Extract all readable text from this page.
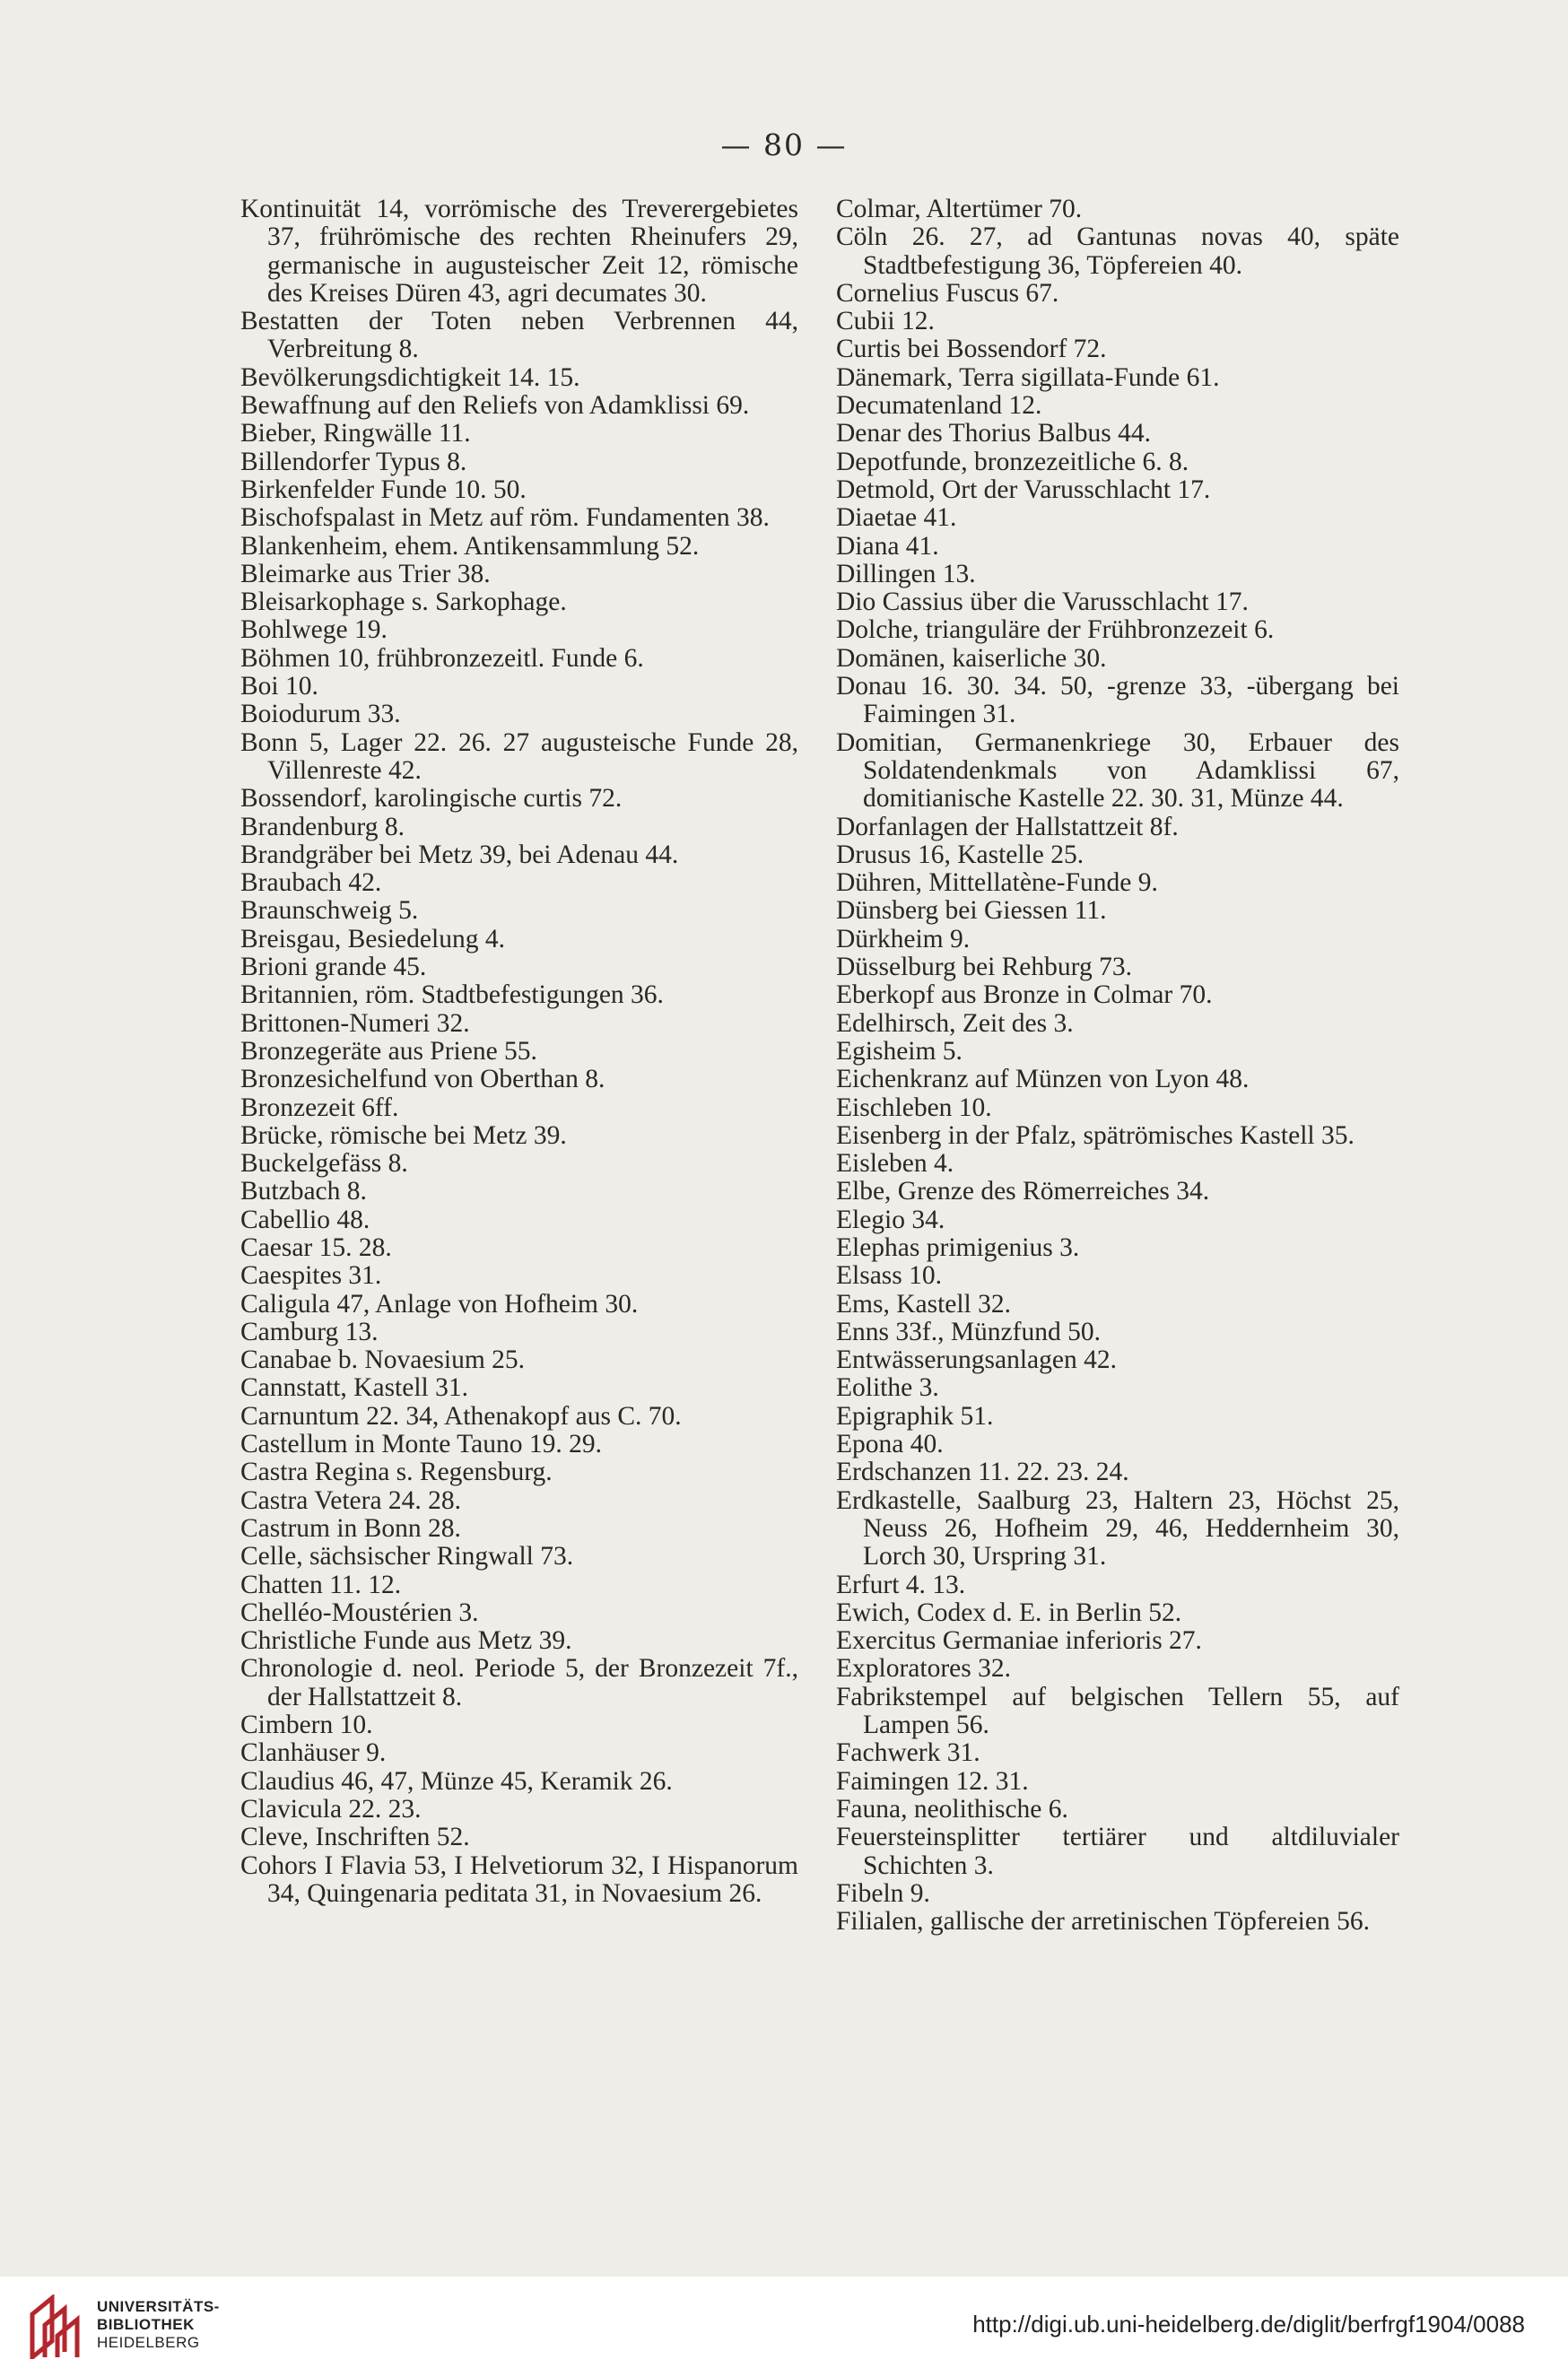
— 80 —
Kontinuität 14, vorrömische des Treverergebietes 37, frührömische des rechten Rheinufers 29, germanische in augusteischer Zeit 12, römische des Kreises Düren 43, agri decumates 30.
Bestatten der Toten neben Verbrennen 44, Verbreitung 8.
Bevölkerungsdichtigkeit 14. 15.
Bewaffnung auf den Reliefs von Adamklissi 69.
Bieber, Ringwälle 11.
Billendorfer Typus 8.
Birkenfelder Funde 10. 50.
Bischofspalast in Metz auf röm. Fundamenten 38.
Blankenheim, ehem. Antikensammlung 52.
Bleimarke aus Trier 38.
Bleisarkophage s. Sarkophage.
Bohlwege 19.
Böhmen 10, frühbronzezeitl. Funde 6.
Boi 10.
Boiodurum 33.
Bonn 5, Lager 22. 26. 27 augusteische Funde 28, Villenreste 42.
Bossendorf, karolingische curtis 72.
Brandenburg 8.
Brandgräber bei Metz 39, bei Adenau 44.
Braubach 42.
Braunschweig 5.
Breisgau, Besiedelung 4.
Brioni grande 45.
Britannien, röm. Stadtbefestigungen 36.
Brittonen-Numeri 32.
Bronzegeräte aus Priene 55.
Bronzesichelfund von Oberthan 8.
Bronzezeit 6ff.
Brücke, römische bei Metz 39.
Buckelgefäss 8.
Butzbach 8.
Cabellio 48.
Caesar 15. 28.
Caespites 31.
Caligula 47, Anlage von Hofheim 30.
Camburg 13.
Canabae b. Novaesium 25.
Cannstatt, Kastell 31.
Carnuntum 22. 34, Athenakopf aus C. 70.
Castellum in Monte Tauno 19. 29.
Castra Regina s. Regensburg.
Castra Vetera 24. 28.
Castrum in Bonn 28.
Celle, sächsischer Ringwall 73.
Chatten 11. 12.
Chelléo-Moustérien 3.
Christliche Funde aus Metz 39.
Chronologie d. neol. Periode 5, der Bronzezeit 7f., der Hallstattzeit 8.
Cimbern 10.
Clanhäuser 9.
Claudius 46, 47, Münze 45, Keramik 26.
Clavicula 22. 23.
Cleve, Inschriften 52.
Cohors I Flavia 53, I Helvetiorum 32, I Hispanorum 34, Quingenaria peditata 31, in Novaesium 26.
Colmar, Altertümer 70.
Cöln 26. 27, ad Gantunas novas 40, späte Stadtbefestigung 36, Töpfereien 40.
Cornelius Fuscus 67.
Cubii 12.
Curtis bei Bossendorf 72.
Dänemark, Terra sigillata-Funde 61.
Decumatenland 12.
Denar des Thorius Balbus 44.
Depotfunde, bronzezeitliche 6. 8.
Detmold, Ort der Varusschlacht 17.
Diaetae 41.
Diana 41.
Dillingen 13.
Dio Cassius über die Varusschlacht 17.
Dolche, trianguläre der Frühbronzezeit 6.
Domänen, kaiserliche 30.
Donau 16. 30. 34. 50, -grenze 33, -übergang bei Faimingen 31.
Domitian, Germanenkriege 30, Erbauer des Soldatendenkmals von Adamklissi 67, domitianische Kastelle 22. 30. 31, Münze 44.
Dorfanlagen der Hallstattzeit 8f.
Drusus 16, Kastelle 25.
Dühren, Mittellatène-Funde 9.
Dünsberg bei Giessen 11.
Dürkheim 9.
Düsselburg bei Rehburg 73.
Eberkopf aus Bronze in Colmar 70.
Edelhirsch, Zeit des 3.
Egisheim 5.
Eichenkranz auf Münzen von Lyon 48.
Eischleben 10.
Eisenberg in der Pfalz, spätrömisches Kastell 35.
Eisleben 4.
Elbe, Grenze des Römerreiches 34.
Elegio 34.
Elephas primigenius 3.
Elsass 10.
Ems, Kastell 32.
Enns 33f., Münzfund 50.
Entwässerungsanlagen 42.
Eolithe 3.
Epigraphik 51.
Epona 40.
Erdschanzen 11. 22. 23. 24.
Erdkastelle, Saalburg 23, Haltern 23, Höchst 25, Neuss 26, Hofheim 29, 46, Heddernheim 30, Lorch 30, Urspring 31.
Erfurt 4. 13.
Ewich, Codex d. E. in Berlin 52.
Exercitus Germaniae inferioris 27.
Exploratores 32.
Fabrikstempel auf belgischen Tellern 55, auf Lampen 56.
Fachwerk 31.
Faimingen 12. 31.
Fauna, neolithische 6.
Feuersteinsplitter tertiärer und altdiluvialer Schichten 3.
Fibeln 9.
Filialen, gallische der arretinischen Töpfereien 56.
UNIVERSITÄTS-
BIBLIOTHEK
HEIDELBERG
http://digi.ub.uni-heidelberg.de/diglit/berfrgf1904/0088
